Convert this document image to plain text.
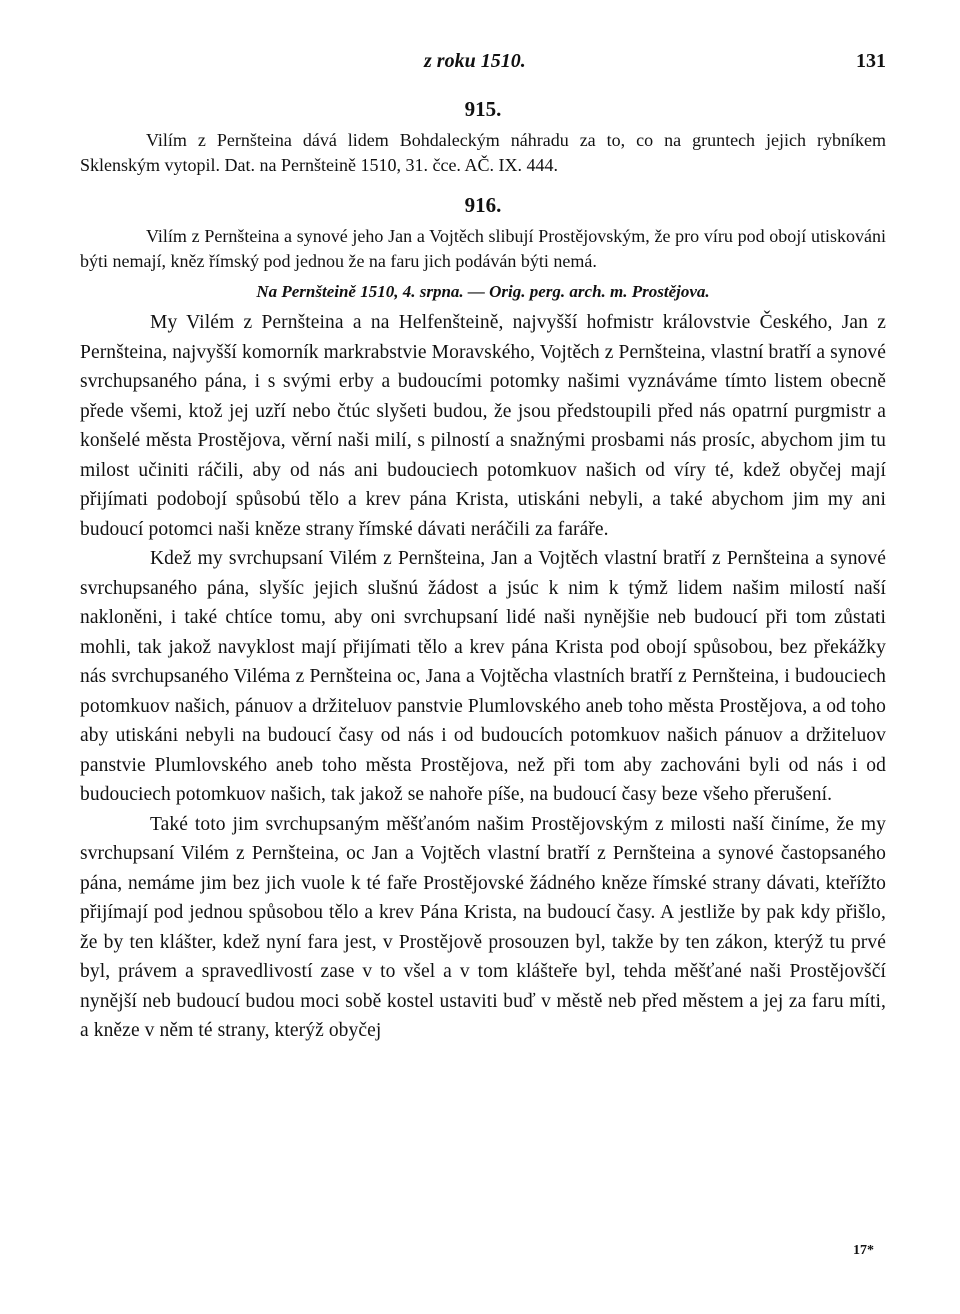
z roku 1510.	131
915.

Vilím z Pernšteina dává lidem Bohdaleckým náhradu za to, co na gruntech jejich rybníkem Sklenským vytopil. Dat. na Pernšteině 1510, 31. čce. AČ. IX. 444.

916.

Vilím z Pernšteina a synové jeho Jan a Vojtěch slibují Prostějovským, že pro víru pod obojí utiskováni býti nemají, kněz římský pod jednou že na faru jich podáván býti nemá.

Na Pernšteině 1510, 4. srpna. — Orig. perg. arch. m. Prostějova.

My Vilém z Pernšteina a na Helfenšteině, najvyšší hofmistr královstvie Českého, Jan z Pernšteina, najvyšší komorník markrabstvie Moravského, Vojtěch z Pernšteina, vlastní bratří a synové svrchupsaného pána, i s svými erby a budoucími potomky našimi vyznáváme tímto listem obecně přede všemi, ktož jej uzří nebo čtúc slyšeti budou, že jsou předstoupili před nás opatrní purgmistr a konšelé města Prostějova, věrní naši milí, s pilností a snažnými prosbami nás prosíc, abychom jim tu milost učiniti ráčili, aby od nás ani budouciech potomkuov našich od víry té, kdež obyčej mají přijímati podobojí spůsobú tělo a krev pána Krista, utiskáni nebyli, a také abychom jim my ani budoucí potomci naši kněze strany římské dávati neráčili za faráře.

Kdež my svrchupsaní Vilém z Pernšteina, Jan a Vojtěch vlastní bratří z Pernšteina a synové svrchupsaného pána, slyšíc jejich slušnú žádost a jsúc k nim k týmž lidem našim milostí naší nakloněni, i také chtíce tomu, aby oni svrchupsaní lidé naši nynějšie neb budoucí při tom zůstati mohli, tak jakož navyklost mají přijímati tělo a krev pána Krista pod obojí spůsobou, bez překážky nás svrchupsaného Viléma z Pernšteina oc, Jana a Vojtěcha vlastních bratří z Pernšteina, i budouciech potomkuov našich, pánuov a držiteluov panstvie Plumlovského aneb toho města Prostějova, a od toho aby utiskáni nebyli na budoucí časy od nás i od budoucích potomkuov našich pánuov a držiteluov panstvie Plumlovského aneb toho města Prostějova, než při tom aby zachováni byli od nás i od budouciech potomkuov našich, tak jakož se nahoře píše, na budoucí časy beze všeho přerušení.

Také toto jim svrchupsaným měšťanóm našim Prostějovským z milosti naší činíme, že my svrchupsaní Vilém z Pernšteina, oc Jan a Vojtěch vlastní bratří z Pernšteina a synové častopsaného pána, nemáme jim bez jich vuole k té faře Prostějovské žádného kněze římské strany dávati, kteřížto přijímají pod jednou spůsobou tělo a krev Pána Krista, na budoucí časy. A jestliže by pak kdy přišlo, že by ten klášter, kdež nyní fara jest, v Prostějově prosouzen byl, takže by ten zákon, kterýž tu prvé byl, právem a spravedlivostí zase v to všel a v tom klášteře byl, tehda měšťané naši Prostějovščí nynější neb budoucí budou moci sobě kostel ustaviti buď v městě neb před městem a jej za faru míti, a kněze v něm té strany, kterýž obyčej

17*
